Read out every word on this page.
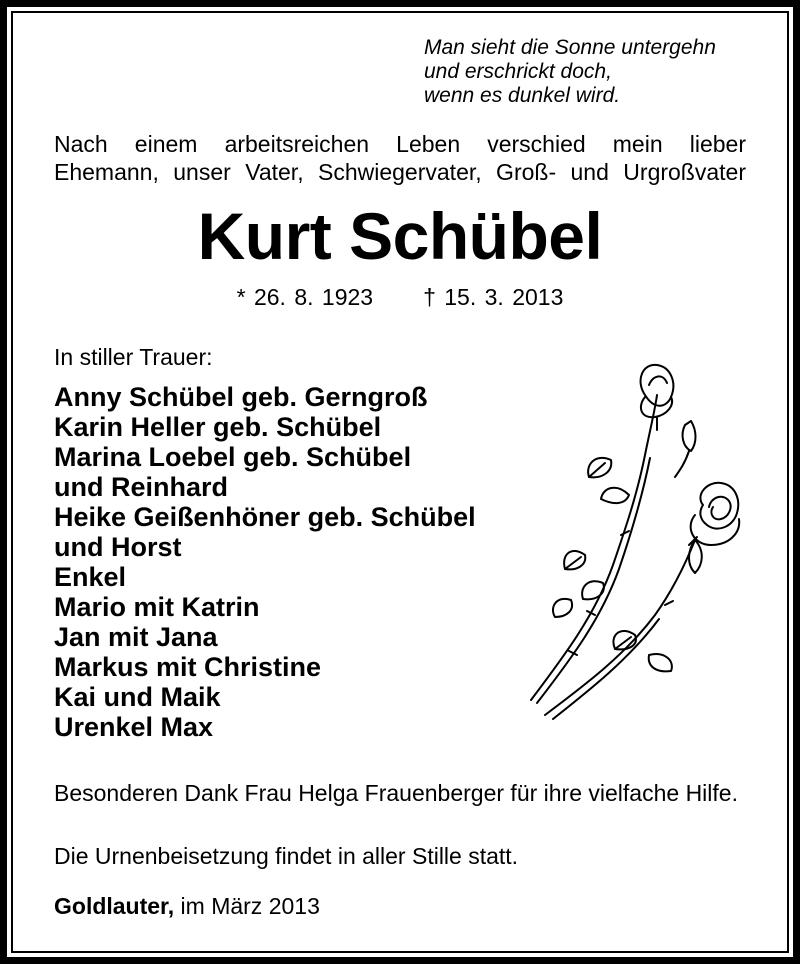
Man sieht die Sonne untergehn
und erschrickt doch,
wenn es dunkel wird.
Nach einem arbeitsreichen Leben verschied mein lieber
Ehemann, unser Vater, Schwiegervater, Groß- und Urgroßvater
Kurt Schübel
* 26. 8. 1923 † 15. 3. 2013
In stiller Trauer:
Anny Schübel geb. Gerngroß
Karin Heller geb. Schübel
Marina Loebel geb. Schübel
und Reinhard
Heike Geißenhöner geb. Schübel
und Horst
Enkel
Mario mit Katrin
Jan mit Jana
Markus mit Christine
Kai und Maik
Urenkel Max
Besonderen Dank Frau Helga Frauenberger für ihre vielfache Hilfe.
Die Urnenbeisetzung findet in aller Stille statt.
Goldlauter, im März 2013
